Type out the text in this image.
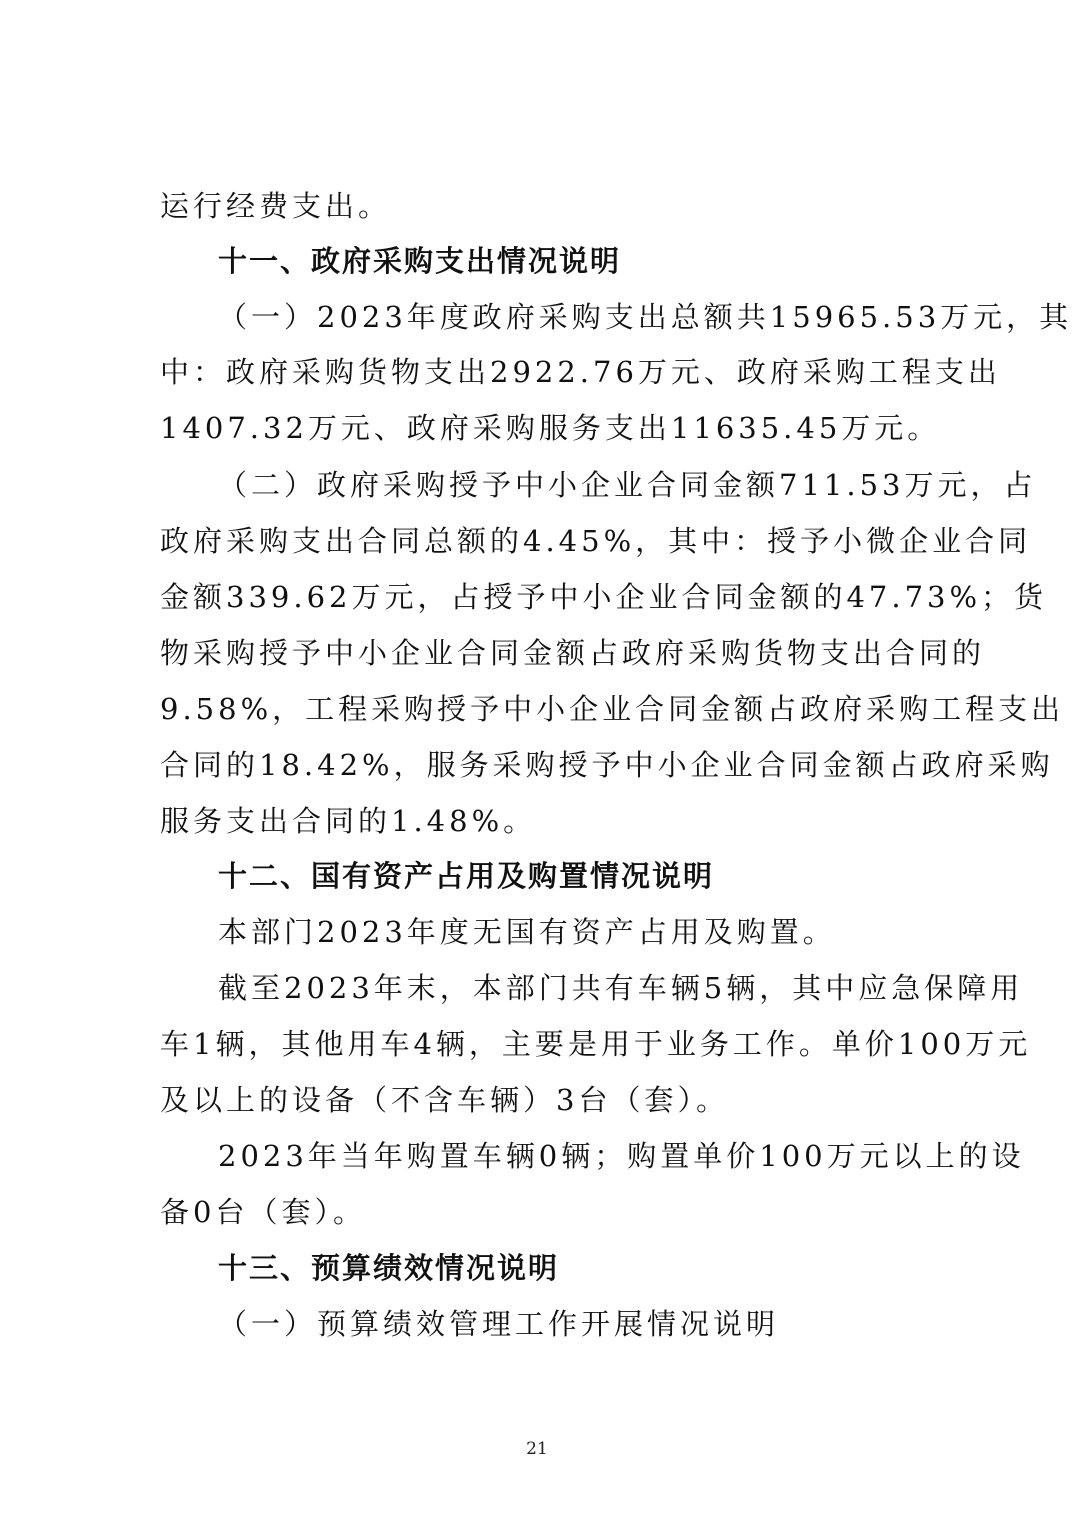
运行经费支出。
十一、政府采购支出情况说明
（一）2023年度政府采购支出总额共15965.53万元，其
中：政府采购货物支出2922.76万元、政府采购工程支出
1407.32万元、政府采购服务支出11635.45万元。
（二）政府采购授予中小企业合同金额711.53万元，占
政府采购支出合同总额的4.45%，其中：授予小微企业合同
金额339.62万元，占授予中小企业合同金额的47.73%；货
物采购授予中小企业合同金额占政府采购货物支出合同的
9.58%，工程采购授予中小企业合同金额占政府采购工程支出
合同的18.42%，服务采购授予中小企业合同金额占政府采购
服务支出合同的1.48%。
十二、国有资产占用及购置情况说明
本部门2023年度无国有资产占用及购置。
截至2023年末，本部门共有车辆5辆，其中应急保障用
车1辆，其他用车4辆，主要是用于业务工作。单价100万元
及以上的设备（不含车辆）3台（套）。
2023年当年购置车辆0辆；购置单价100万元以上的设
备0台（套）。
十三、预算绩效情况说明
（一）预算绩效管理工作开展情况说明
21
